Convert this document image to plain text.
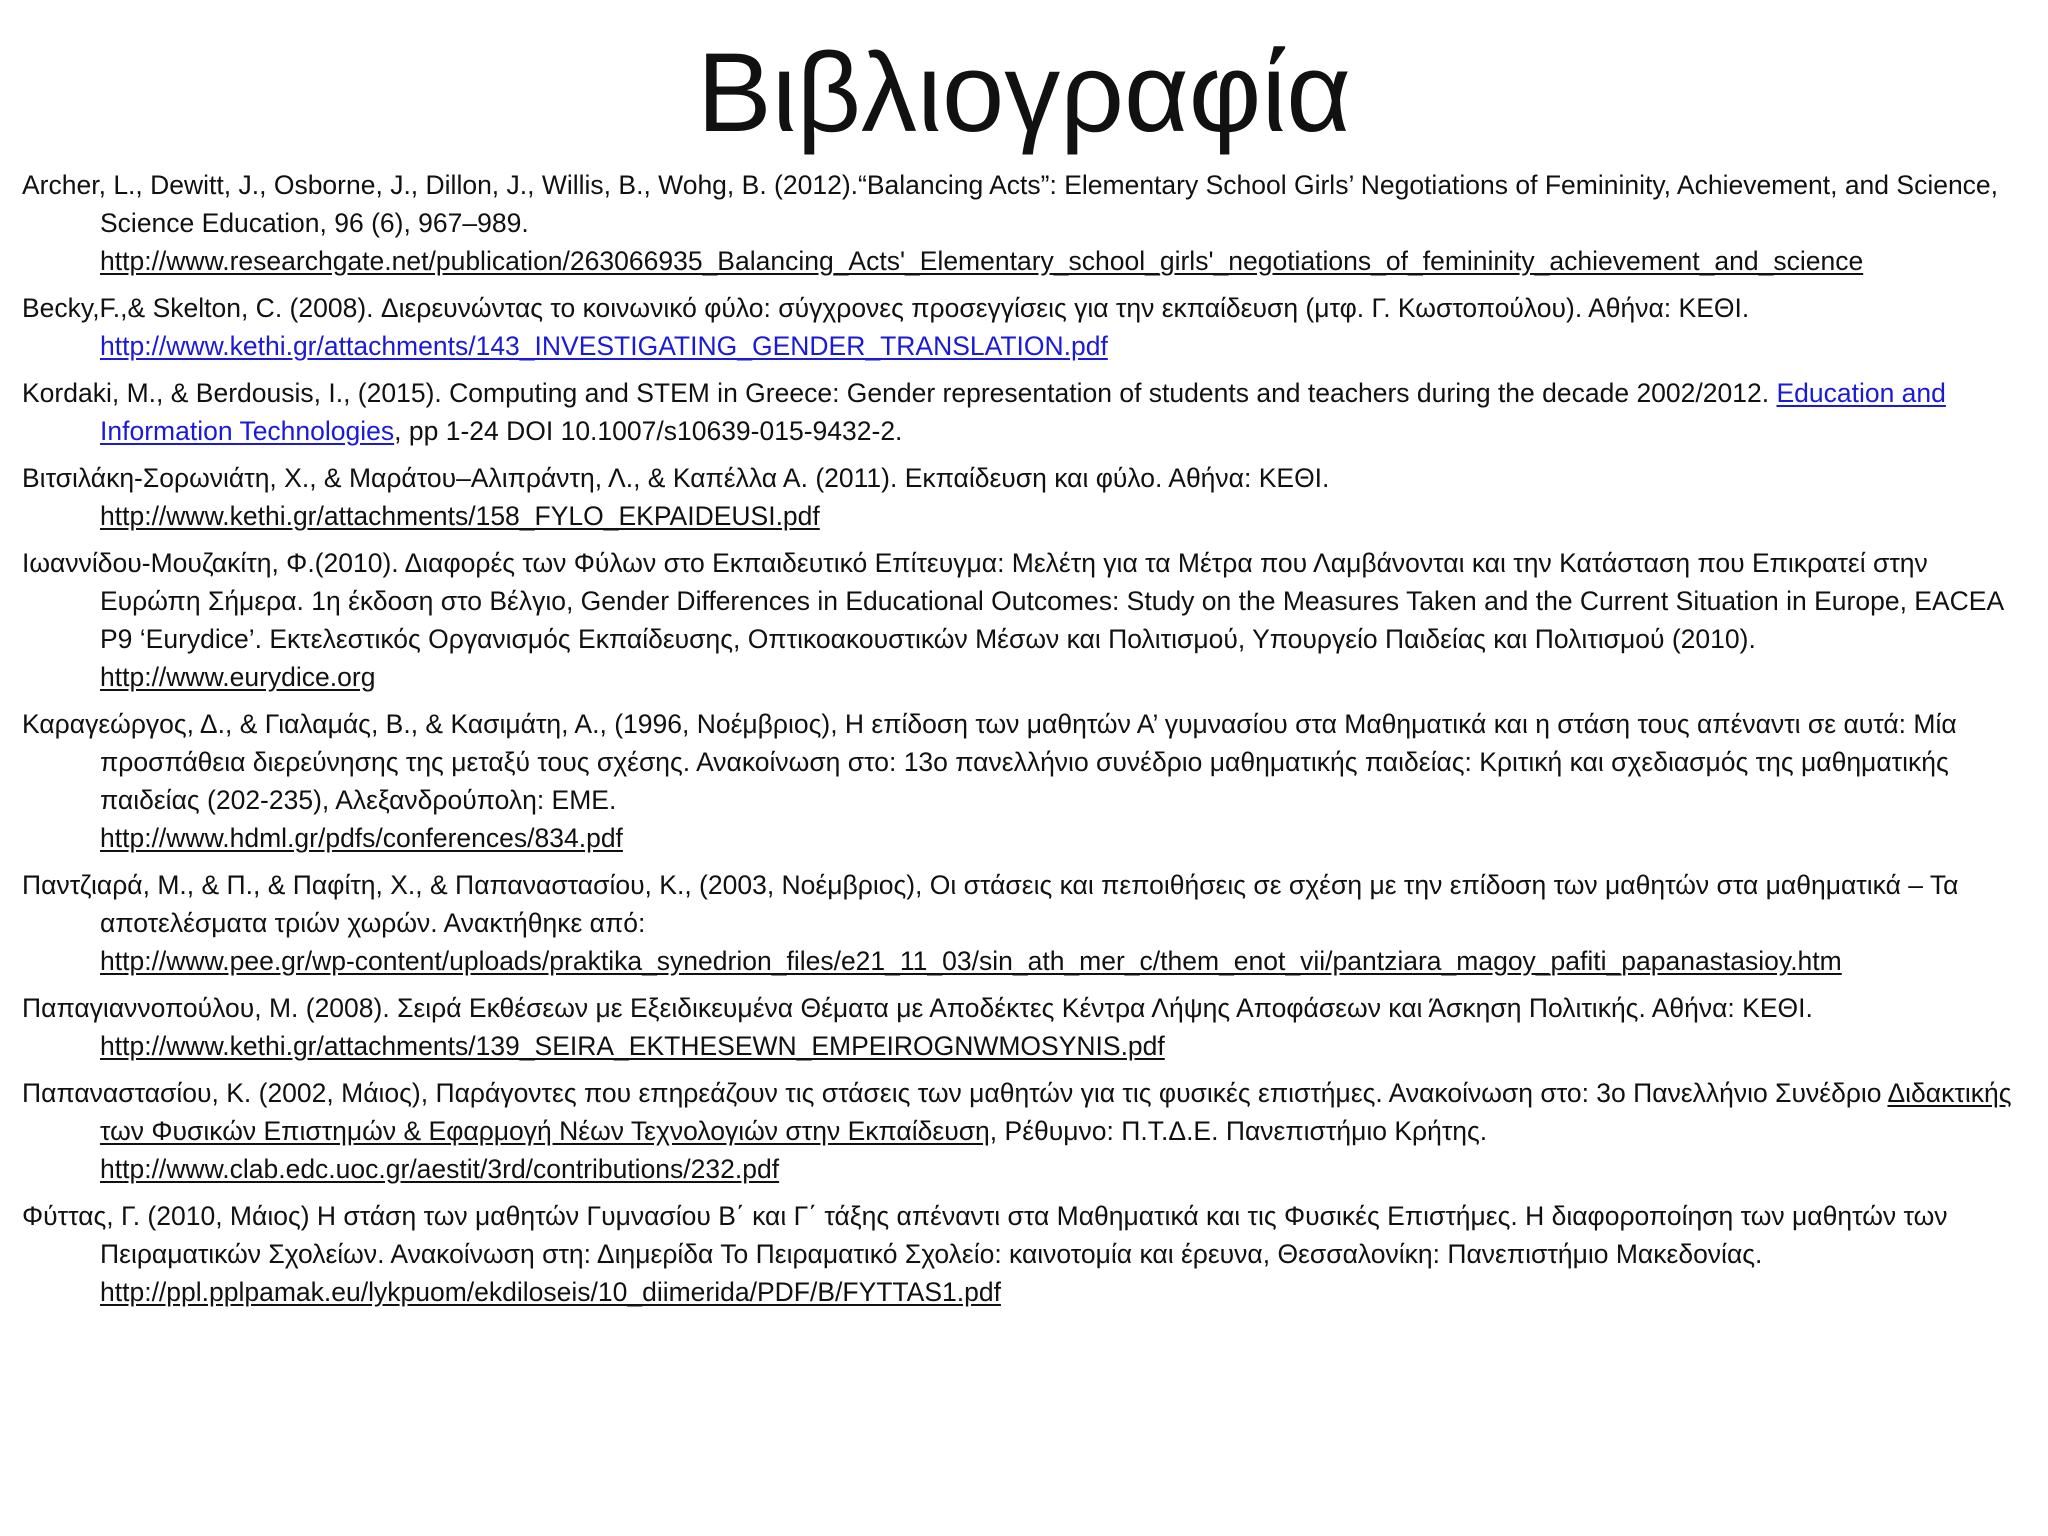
Βιβλιογραφία

Archer, L., Dewitt, J., Osborne, J., Dillon, J., Willis, B., Wohg, B. (2012).“Balancing Acts”: Elementary School Girls’ Negotiations of Femininity, Achievement, and Science, Science Education, 96 (6), 967–989.
http://www.researchgate.net/publication/263066935_Balancing_Acts'_Elementary_school_girls'_negotiations_of_femininity_achievement_and_science

Becky,F.,& Skelton, C. (2008). Διερευνώντας το κοινωνικό φύλο: σύγχρονες προσεγγίσεις για την εκπαίδευση (μτφ. Γ. Κωστοπούλου). Αθήνα: ΚΕΘΙ.
http://www.kethi.gr/attachments/143_INVESTIGATING_GENDER_TRANSLATION.pdf

Kordaki, M., & Berdousis, I., (2015). Computing and STEM in Greece: Gender representation of students and teachers during the decade 2002/2012. Education and Information Technologies, pp 1-24 DOI 10.1007/s10639-015-9432-2.

Βιτσιλάκη-Σορωνιάτη, Χ., & Μαράτου–Αλιπράντη, Λ., & Καπέλλα Α. (2011). Εκπαίδευση και φύλο. Αθήνα: ΚΕΘΙ.
http://www.kethi.gr/attachments/158_FYLO_EKPAIDEUSI.pdf

Ιωαννίδου-Μουζακίτη, Φ.(2010). Διαφορές των Φύλων στο Εκπαιδευτικό Επίτευγμα: Μελέτη για τα Μέτρα που Λαμβάνονται και την Κατάσταση που Επικρατεί στην Ευρώπη Σήμερα. 1η έκδοση στο Βέλγιο, Gender Differences in Educational Outcomes: Study on the Measures Taken and the Current Situation in Europe, EACEA P9 ‘Eurydice’. Εκτελεστικός Οργανισμός Εκπαίδευσης, Οπτικοακουστικών Μέσων και Πολιτισμού, Υπουργείο Παιδείας και Πολιτισμού (2010).
http://www.eurydice.org

Καραγεώργος, Δ., & Γιαλαμάς, Β., & Κασιμάτη, Α., (1996, Νοέμβριος), Η επίδοση των μαθητών Α’ γυμνασίου στα Μαθηματικά και η στάση τους απέναντι σε αυτά: Μία προσπάθεια διερεύνησης της μεταξύ τους σχέσης. Ανακοίνωση στο: 13ο πανελλήνιο συνέδριο μαθηματικής παιδείας: Κριτική και σχεδιασμός της μαθηματικής παιδείας (202-235), Αλεξανδρούπολη: ΕΜΕ.
http://www.hdml.gr/pdfs/conferences/834.pdf

Παντζιαρά, Μ., & Π., & Παφίτη, Χ., & Παπαναστασίου, Κ., (2003, Νοέμβριος), Οι στάσεις και πεποιθήσεις σε σχέση με την επίδοση των μαθητών στα μαθηματικά – Τα αποτελέσματα τριών χωρών. Ανακτήθηκε από:
http://www.pee.gr/wp-content/uploads/praktika_synedrion_files/e21_11_03/sin_ath_mer_c/them_enot_vii/pantziara_magoy_pafiti_papanastasioy.htm

Παπαγιαννοπούλου, Μ. (2008). Σειρά Εκθέσεων με Εξειδικευμένα Θέματα με Αποδέκτες Κέντρα Λήψης Αποφάσεων και Άσκηση Πολιτικής. Αθήνα: ΚΕΘΙ.
http://www.kethi.gr/attachments/139_SEIRA_EKTHESEWN_EMPEIROGNWMOSYNIS.pdf

Παπαναστασίου, Κ. (2002, Μάιος), Παράγοντες που επηρεάζουν τις στάσεις των μαθητών για τις φυσικές επιστήμες. Ανακοίνωση στο: 3ο Πανελλήνιο Συνέδριο Διδακτικής των Φυσικών Επιστημών & Εφαρμογή Νέων Τεχνολογιών στην Εκπαίδευση, Ρέθυμνο: Π.Τ.Δ.Ε. Πανεπιστήμιο Κρήτης.
http://www.clab.edc.uoc.gr/aestit/3rd/contributions/232.pdf

Φύττας, Γ. (2010, Μάιος) Η στάση των μαθητών Γυμνασίου Β΄ και Γ΄ τάξης απέναντι στα Μαθηματικά και τις Φυσικές Επιστήμες. Η διαφοροποίηση των μαθητών των Πειραματικών Σχολείων. Ανακοίνωση στη: Διημερίδα Το Πειραματικό Σχολείο: καινοτομία και έρευνα, Θεσσαλονίκη: Πανεπιστήμιο Μακεδονίας.
http://ppl.pplpamak.eu/lykpuom/ekdiloseis/10_diimerida/PDF/B/FYTTAS1.pdf
